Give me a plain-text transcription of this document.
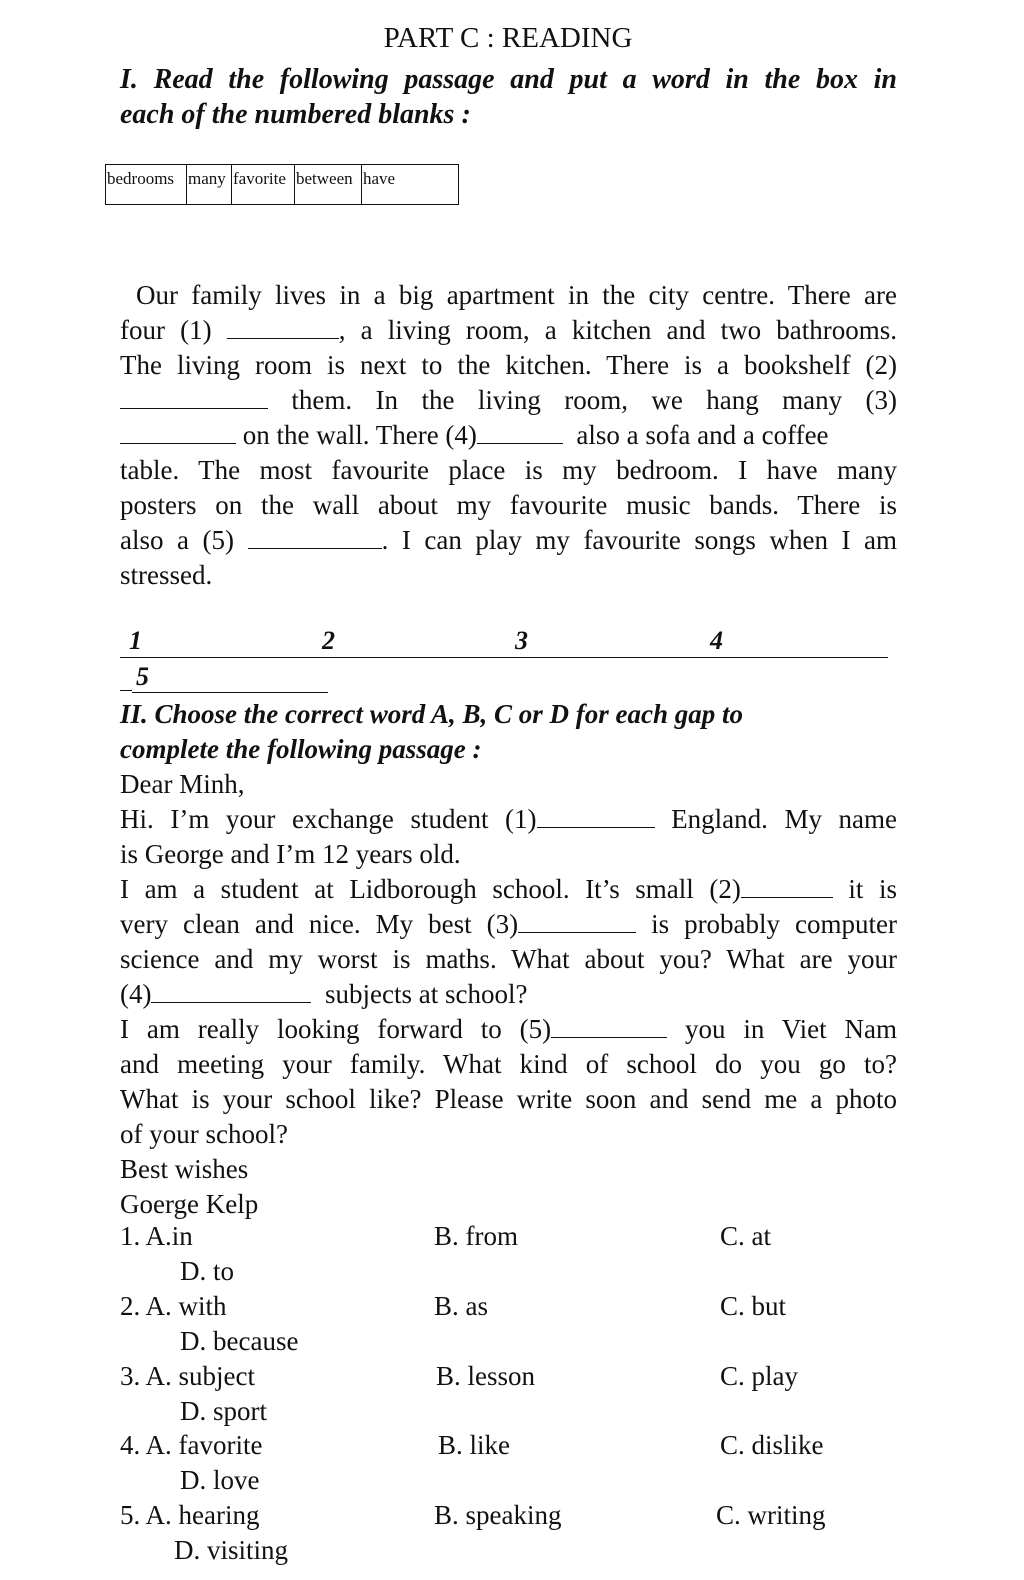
PART C : READING
I. Read the following passage and put a word in the box in
each of the numbered blanks :
bedrooms	many	favorite	between	have
Our family lives in a big apartment in the city centre. There are
four (1)	, a living room, a kitchen and two bathrooms.
The living room is next to the kitchen. There is a bookshelf (2)
them. In the living room, we hang many (3)
on the wall. There (4)	also a sofa and a coffee
table. The most favourite place is my bedroom. I have many
posters on the wall about my favourite music bands. There is
also a (5)	. I can play my favourite songs when I am
stressed.
1	2	3	4
5
II. Choose the correct word A, B, C or D for each gap to
complete the following passage :
Dear Minh,
Hi. I’m your exchange student (1)	England. My name
is George and I’m 12 years old.
I am a student at Lidborough school. It’s small (2)	it is
very clean and nice. My best (3)	is probably computer
science and my worst is maths. What about you? What are your
(4)	subjects at school?
I am really looking forward to (5)	you in Viet Nam
and meeting your family. What kind of school do you go to?
What is your school like? Please write soon and send me a photo
of your school?
Best wishes
Goerge Kelp
1. A.in	B. from	C. at
D. to
2. A. with	B. as	C. but
D. because
3. A. subject	B. lesson	C. play
D. sport
4. A. favorite	B. like	C. dislike
D. love
5. A. hearing	B. speaking	C. writing
D. visiting
